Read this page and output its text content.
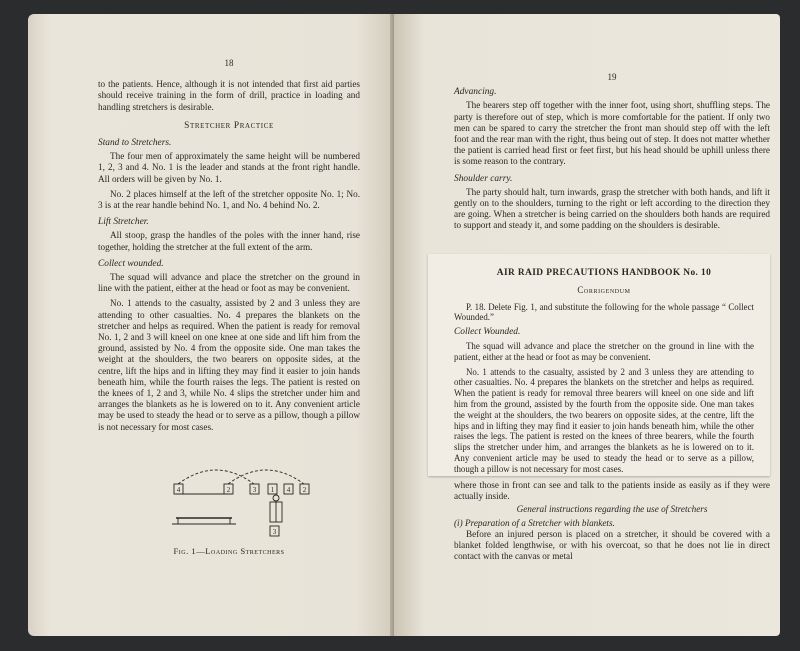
18

to the patients. Hence, although it is not intended that first aid parties should receive training in the form of drill, practice in loading and handling stretchers is desirable.

Stretcher Practice
Stand to Stretchers.

The four men of approximately the same height will be numbered 1, 2, 3 and 4. No. 1 is the leader and stands at the front right handle. All orders will be given by No. 1.

No. 2 places himself at the left of the stretcher opposite No. 1; No. 3 is at the rear handle behind No. 1, and No. 4 behind No. 2.

Lift Stretcher.

All stoop, grasp the handles of the poles with the inner hand, rise together, holding the stretcher at the full extent of the arm.

Collect wounded.

The squad will advance and place the stretcher on the ground in line with the patient, either at the head or foot as may be convenient.

No. 1 attends to the casualty, assisted by 2 and 3 unless they are attending to other casualties. No. 4 prepares the blankets on the stretcher and helps as required. When the patient is ready for removal No. 1, 2 and 3 will kneel on one knee at one side and lift him from the ground, assisted by No. 4 from the opposite side. One man takes the weight at the shoulders, the two bearers on opposite sides, at the centre, lift the hips and in lifting they may find it easier to join hands beneath him, while the fourth raises the legs. The patient is rested on the knees of 1, 2 and 3, while No. 4 slips the stretcher under him and arranges the blankets as he is lowered on to it. Any convenient article may be used to steady the head or to serve as a pillow, though a pillow is not necessary for most cases.

4	2	3 1 4 2
3
Fig. 1—Loading Stretchers
19
Advancing.

The bearers step off together with the inner foot, using short, shuffling steps. The party is therefore out of step, which is more comfortable for the patient. If only two men can be spared to carry the stretcher the front man should step off with the left foot and the rear man with the right, thus being out of step. It does not matter whether the patient is carried head first or feet first, but his head should be uphill unless there is some reason to the contrary.

Shoulder carry.

The party should halt, turn inwards, grasp the stretcher with both hands, and lift it gently on to the shoulders, turning to the right or left according to the direction they are going. When a stretcher is being carried on the shoulders both hands are required to support and steady it, and some padding on the shoulders is desirable.

where those in front can see and talk to the patients inside as easily as if they were actually inside.

General instructions regarding the use of Stretchers

(i) Preparation of a Stretcher with blankets.

Before an injured person is placed on a stretcher, it should be covered with a blanket folded lengthwise, or with his overcoat, so that he does not lie in direct contact with the canvas or metal

AIR RAID PRECAUTIONS HANDBOOK No. 10
Corrigendum

P. 18. Delete Fig. 1, and substitute the following for the whole passage “ Collect Wounded.”

Collect Wounded.

The squad will advance and place the stretcher on the ground in line with the patient, either at the head or foot as may be convenient.

No. 1 attends to the casualty, assisted by 2 and 3 unless they are attending to other casualties. No. 4 prepares the blankets on the stretcher and helps as required. When the patient is ready for removal three bearers will kneel on one side and lift him from the ground, assisted by the fourth from the opposite side. One man takes the weight at the shoulders, the two bearers on opposite sides, at the centre, lift the hips and in lifting they may find it easier to join hands beneath him, while the other raises the legs. The patient is rested on the knees of three bearers, while the fourth slips the stretcher under him, and arranges the blankets as he is lowered on to it. Any convenient article may be used to steady the head or to serve as a pillow, though a pillow is not necessary for most cases.
